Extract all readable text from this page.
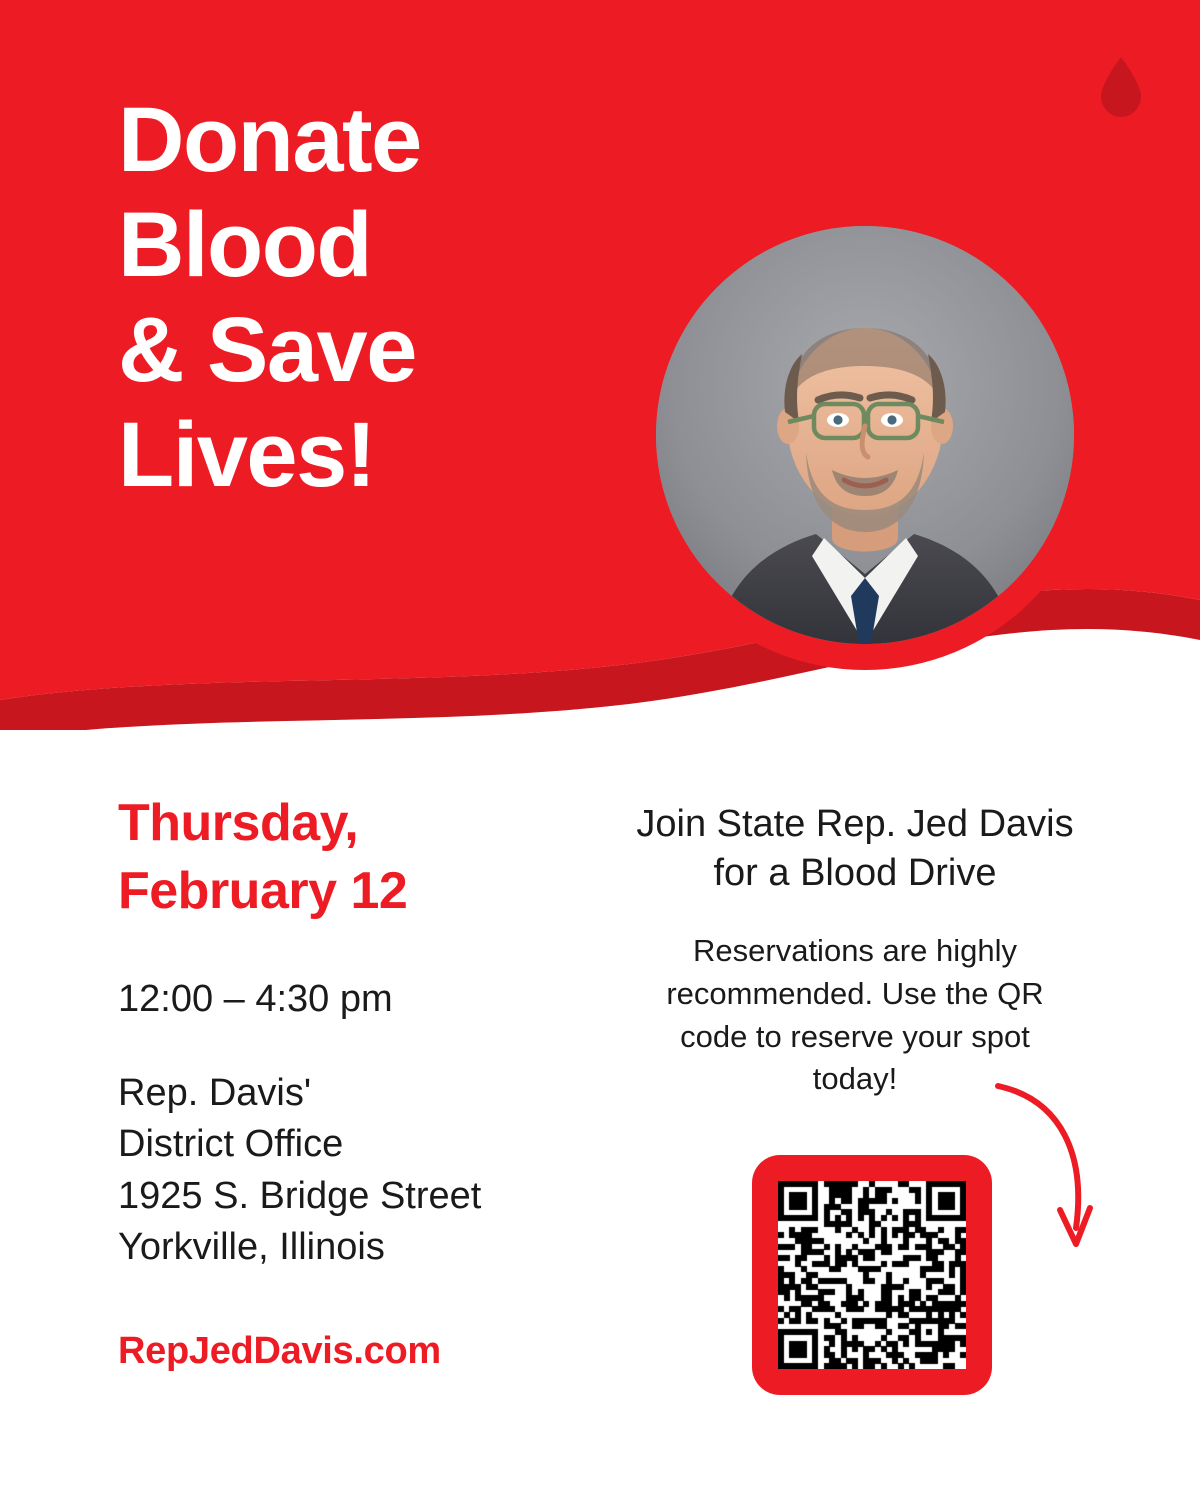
Donate
Blood
& Save
Lives!
Thursday,
February 12
12:00 – 4:30 pm
Rep. Davis'
District Office
1925 S. Bridge Street
Yorkville, Illinois
RepJedDavis.com
Join State Rep. Jed Davis for a Blood Drive
Reservations are highly recommended. Use the QR code to reserve your spot today!
